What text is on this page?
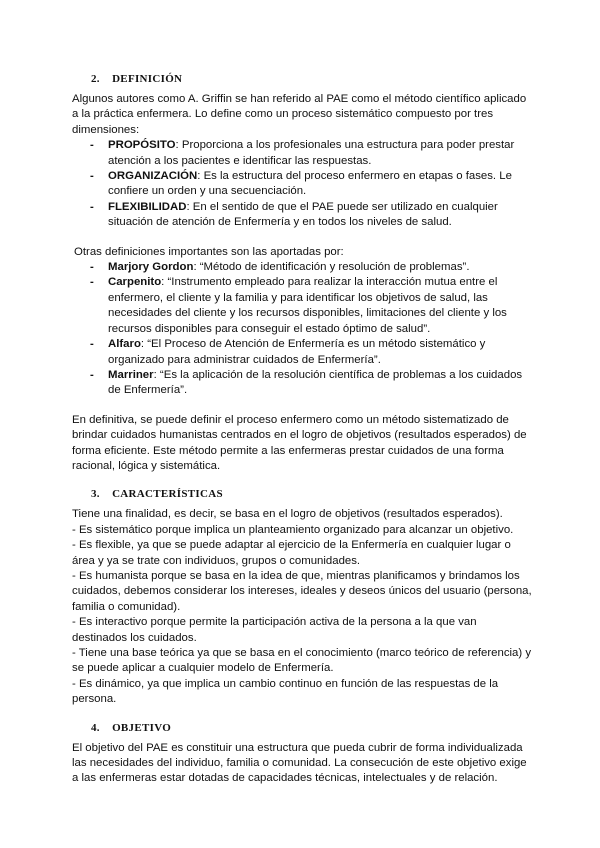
2. DEFINICIÓN

Algunos autores como A. Griffin se han referido al PAE como el método científico aplicado a la práctica enfermera. Lo define como un proceso sistemático compuesto por tres dimensiones:

- PROPÓSITO: Proporciona a los profesionales una estructura para poder prestar atención a los pacientes e identificar las respuestas.
- ORGANIZACIÓN: Es la estructura del proceso enfermero en etapas o fases. Le confiere un orden y una secuenciación.
- FLEXIBILIDAD: En el sentido de que el PAE puede ser utilizado en cualquier situación de atención de Enfermería y en todos los niveles de salud.

Otras definiciones importantes son las aportadas por:

- Marjory Gordon: “Método de identificación y resolución de problemas”.
- Carpenito: “Instrumento empleado para realizar la interacción mutua entre el enfermero, el cliente y la familia y para identificar los objetivos de salud, las necesidades del cliente y los recursos disponibles, limitaciones del cliente y los recursos disponibles para conseguir el estado óptimo de salud”.
- Alfaro: “El Proceso de Atención de Enfermería es un método sistemático y organizado para administrar cuidados de Enfermería”.
- Marriner: “Es la aplicación de la resolución científica de problemas a los cuidados de Enfermería”.

En definitiva, se puede definir el proceso enfermero como un método sistematizado de brindar cuidados humanistas centrados en el logro de objetivos (resultados esperados) de forma eficiente. Este método permite a las enfermeras prestar cuidados de una forma racional, lógica y sistemática.

3. CARACTERÍSTICAS

Tiene una finalidad, es decir, se basa en el logro de objetivos (resultados esperados).

- Es sistemático porque implica un planteamiento organizado para alcanzar un objetivo.

- Es flexible, ya que se puede adaptar al ejercicio de la Enfermería en cualquier lugar o área y ya se trate con individuos, grupos o comunidades.

- Es humanista porque se basa en la idea de que, mientras planificamos y brindamos los cuidados, debemos considerar los intereses, ideales y deseos únicos del usuario (persona, familia o comunidad).

- Es interactivo porque permite la participación activa de la persona a la que van destinados los cuidados.

- Tiene una base teórica ya que se basa en el conocimiento (marco teórico de referencia) y se puede aplicar a cualquier modelo de Enfermería.

- Es dinámico, ya que implica un cambio continuo en función de las respuestas de la persona.

4. OBJETIVO

El objetivo del PAE es constituir una estructura que pueda cubrir de forma individualizada las necesidades del individuo, familia o comunidad. La consecución de este objetivo exige a las enfermeras estar dotadas de capacidades técnicas, intelectuales y de relación.
